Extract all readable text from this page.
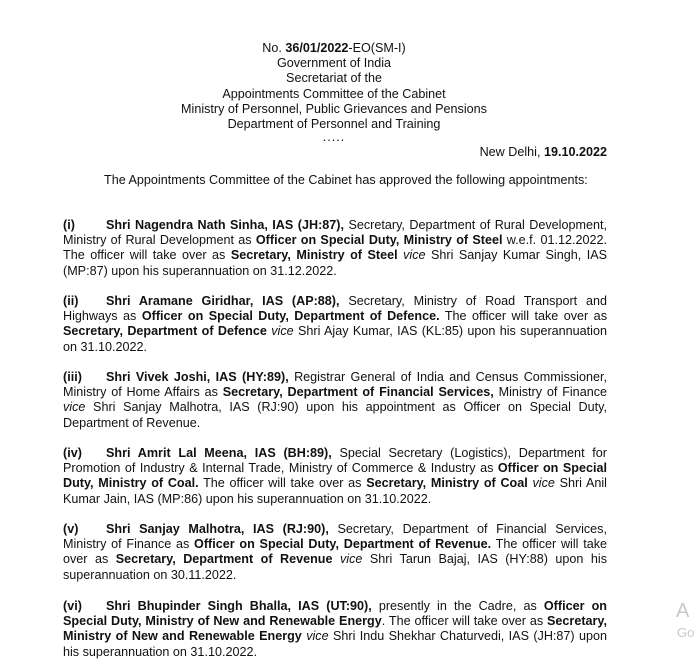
No. 36/01/2022-EO(SM-I)
Government of India
Secretariat of the
Appointments Committee of the Cabinet
Ministry of Personnel, Public Grievances and Pensions
Department of Personnel and Training
.....
New Delhi, 19.10.2022
The Appointments Committee of the Cabinet has approved the following appointments:
(i) Shri Nagendra Nath Sinha, IAS (JH:87), Secretary, Department of Rural Development, Ministry of Rural Development as Officer on Special Duty, Ministry of Steel w.e.f. 01.12.2022. The officer will take over as Secretary, Ministry of Steel vice Shri Sanjay Kumar Singh, IAS (MP:87) upon his superannuation on 31.12.2022.
(ii) Shri Aramane Giridhar, IAS (AP:88), Secretary, Ministry of Road Transport and Highways as Officer on Special Duty, Department of Defence. The officer will take over as Secretary, Department of Defence vice Shri Ajay Kumar, IAS (KL:85) upon his superannuation on 31.10.2022.
(iii) Shri Vivek Joshi, IAS (HY:89), Registrar General of India and Census Commissioner, Ministry of Home Affairs as Secretary, Department of Financial Services, Ministry of Finance vice Shri Sanjay Malhotra, IAS (RJ:90) upon his appointment as Officer on Special Duty, Department of Revenue.
(iv) Shri Amrit Lal Meena, IAS (BH:89), Special Secretary (Logistics), Department for Promotion of Industry & Internal Trade, Ministry of Commerce & Industry as Officer on Special Duty, Ministry of Coal. The officer will take over as Secretary, Ministry of Coal vice Shri Anil Kumar Jain, IAS (MP:86) upon his superannuation on 31.10.2022.
(v) Shri Sanjay Malhotra, IAS (RJ:90), Secretary, Department of Financial Services, Ministry of Finance as Officer on Special Duty, Department of Revenue. The officer will take over as Secretary, Department of Revenue vice Shri Tarun Bajaj, IAS (HY:88) upon his superannuation on 30.11.2022.
(vi) Shri Bhupinder Singh Bhalla, IAS (UT:90), presently in the Cadre, as Officer on Special Duty, Ministry of New and Renewable Energy. The officer will take over as Secretary, Ministry of New and Renewable Energy vice Shri Indu Shekhar Chaturvedi, IAS (JH:87) upon his superannuation on 31.10.2022.
A
Go
